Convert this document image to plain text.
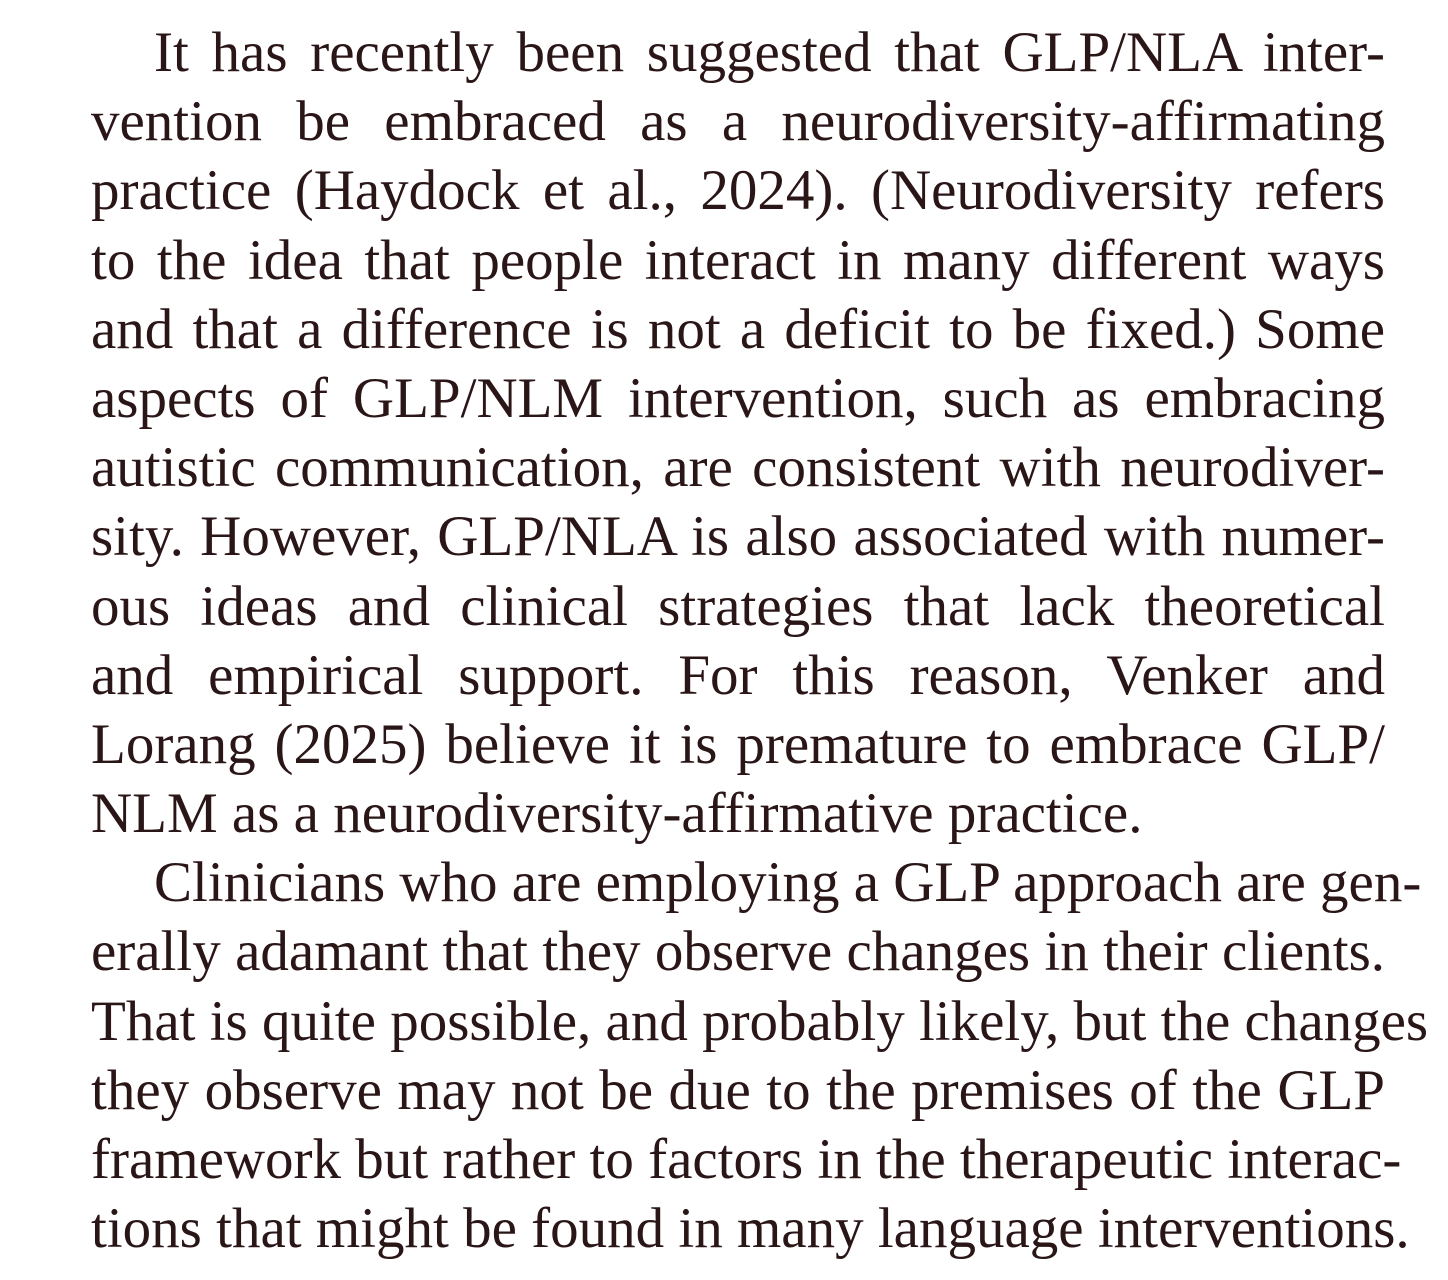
It has recently been suggested that GLP/NLA inter-
vention be embraced as a neurodiversity-affirmating
practice (Haydock et al., 2024). (Neurodiversity refers
to the idea that people interact in many different ways
and that a difference is not a deficit to be fixed.) Some
aspects of GLP/NLM intervention, such as embracing
autistic communication, are consistent with neurodiver-
sity. However, GLP/NLA is also associated with numer-
ous ideas and clinical strategies that lack theoretical
and empirical support. For this reason, Venker and
Lorang (2025) believe it is premature to embrace GLP/
NLM as a neurodiversity-affirmative practice.
Clinicians who are employing a GLP approach are gen-
erally adamant that they observe changes in their clients.
That is quite possible, and probably likely, but the changes
they observe may not be due to the premises of the GLP
framework but rather to factors in the therapeutic interac-
tions that might be found in many language interventions.
